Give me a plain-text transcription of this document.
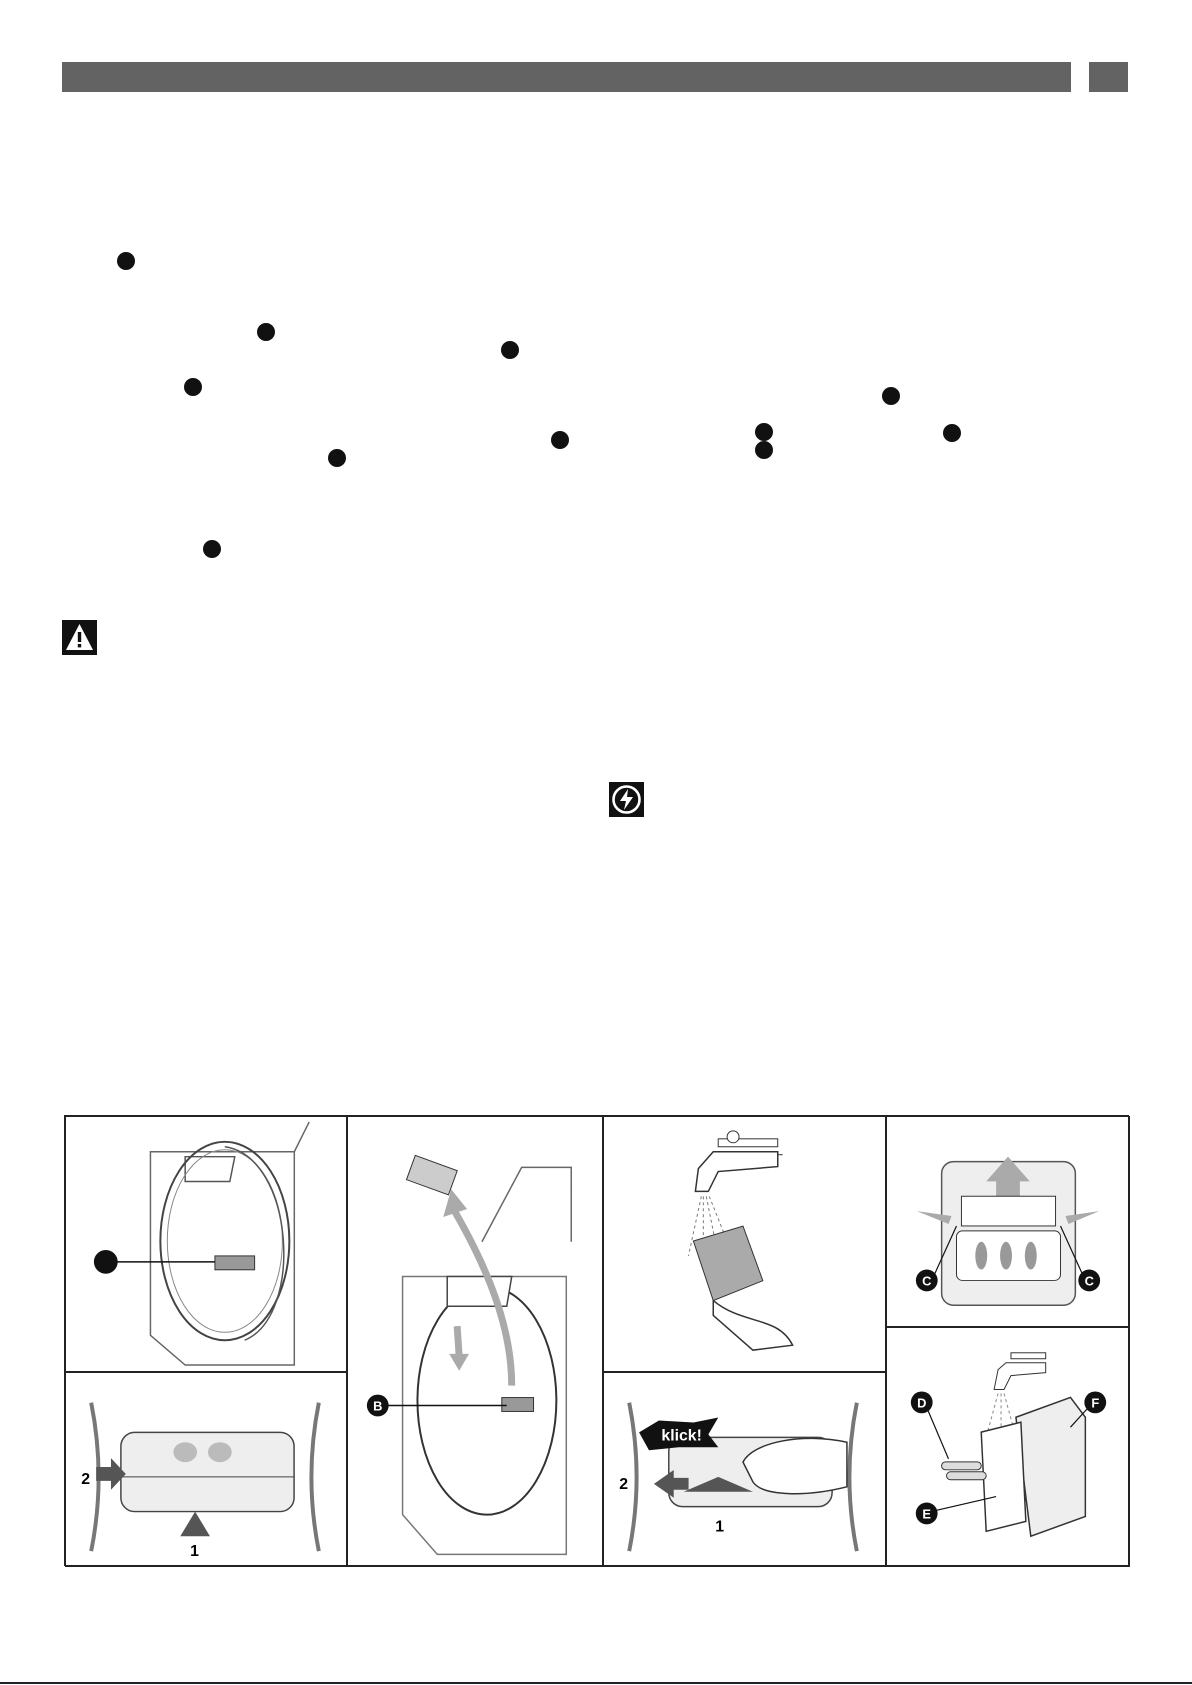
B
C	C
2
1
klick!
2
1
D
E
F
